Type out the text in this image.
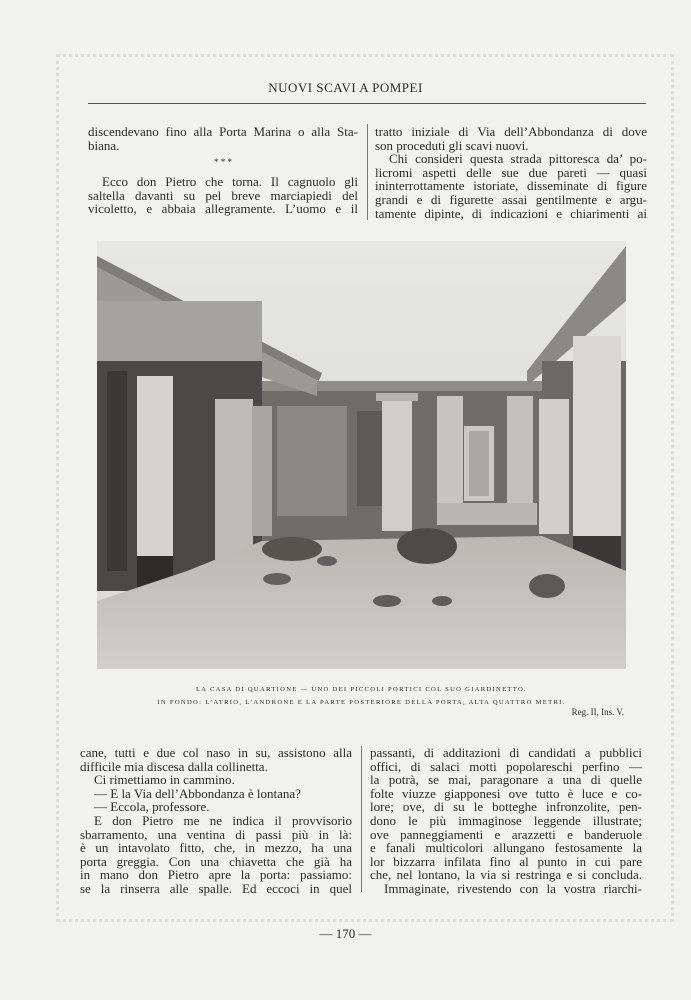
NUOVI SCAVI A POMPEI

discendevano fino alla Porta Marina o alla Sta-
biana.

* * *

Ecco don Pietro che torna. Il cagnuolo gli
saltella davanti su pel breve marciapiedi del
vicoletto, e abbaia allegramente. L’uomo e il

tratto iniziale di Via dell’Abbondanza di dove
son proceduti gli scavi nuovi.
Chi consideri questa strada pittoresca da’ po-
licromi aspetti delle sue due pareti — quasi
ininterrottamente istoriate, disseminate di figure
grandi e di figurette assai gentilmente e argu-
tamente dipinte, di indicazioni e chiarimenti ai
LA CASA DI QUARTIONE — UNO DEI PICCOLI PORTICI COL SUO GIARDINETTO.
IN FONDO: L’ATRIO, L’ANDRONE E LA PARTE POSTERIORE DELLA PORTA, ALTA QUATTRO METRI.
Reg. II, Ins. V.
cane, tutti e due col naso in su, assistono alla
difficile mia discesa dalla collinetta.
Ci rimettiamo in cammino.
— E la Via dell’Abbondanza è lontana?
— Eccola, professore.
E don Pietro me ne indica il provvisorio
sbarramento, una ventina di passi più in là:
è un intavolato fitto, che, in mezzo, ha una
porta greggia. Con una chiavetta che già ha
in mano don Pietro apre la porta: passiamo:
se la rinserra alle spalle. Ed eccoci in quel
passanti, di additazioni di candidati a pubblici
offici, di salaci motti popolareschi perfino —
la potrà, se mai, paragonare a una di quelle
folte viuzze giapponesi ove tutto è luce e co-
lore; ove, di su le botteghe infronzolite, pen-
dono le più immaginose leggende illustrate;
ove panneggiamenti e arazzetti e banderuole
e fanali multicolori allungano festosamente la
lor bizzarra infilata fino al punto in cui pare
che, nel lontano, la via si restringa e si concluda.
Immaginate, rivestendo con la vostra riarchi-
— 170 —
